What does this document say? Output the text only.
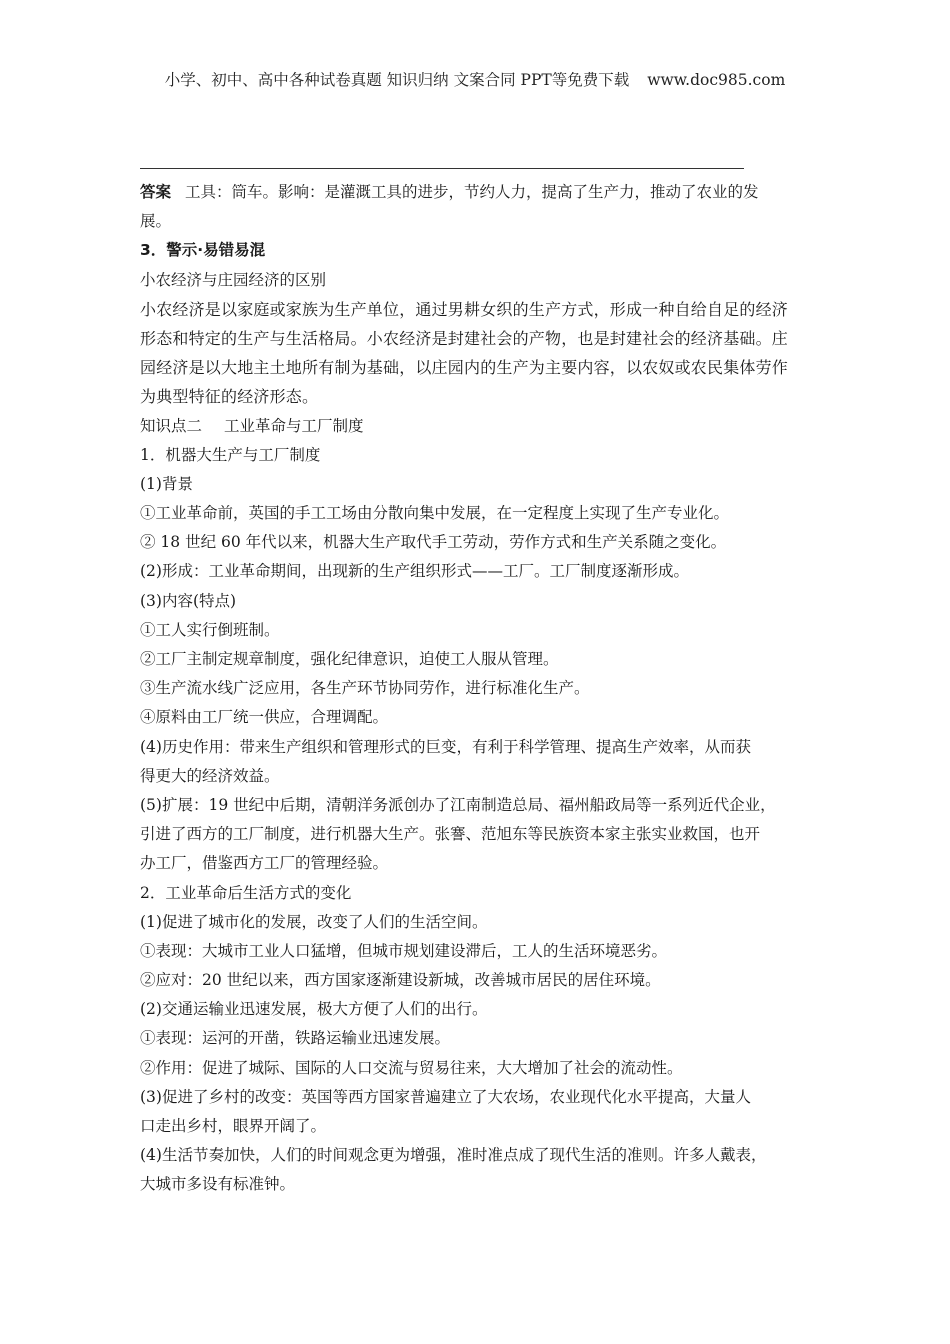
小学、初中、高中各种试卷真题 知识归纳 文案合同 PPT等免费下载 www.doc985.com
答案 工具：筒车。影响：是灌溉工具的进步，节约人力，提高了生产力，推动了农业的发
展。
3．警示·易错易混
小农经济与庄园经济的区别
小农经济是以家庭或家族为生产单位，通过男耕女织的生产方式，形成一种自给自足的经济
形态和特定的生产与生活格局。小农经济是封建社会的产物，也是封建社会的经济基础。庄
园经济是以大地主土地所有制为基础，以庄园内的生产为主要内容，以农奴或农民集体劳作
为典型特征的经济形态。
知识点二 工业革命与工厂制度
1．机器大生产与工厂制度
(1)背景
①工业革命前，英国的手工工场由分散向集中发展，在一定程度上实现了生产专业化。
② 18 世纪 60 年代以来，机器大生产取代手工劳动，劳作方式和生产关系随之变化。
(2)形成：工业革命期间，出现新的生产组织形式——工厂。工厂制度逐渐形成。
(3)内容(特点)
①工人实行倒班制。
②工厂主制定规章制度，强化纪律意识，迫使工人服从管理。
③生产流水线广泛应用，各生产环节协同劳作，进行标准化生产。
④原料由工厂统一供应，合理调配。
(4)历史作用：带来生产组织和管理形式的巨变，有利于科学管理、提高生产效率，从而获
得更大的经济效益。
(5)扩展：19 世纪中后期，清朝洋务派创办了江南制造总局、福州船政局等一系列近代企业，
引进了西方的工厂制度，进行机器大生产。张謇、范旭东等民族资本家主张实业救国，也开
办工厂，借鉴西方工厂的管理经验。
2．工业革命后生活方式的变化
(1)促进了城市化的发展，改变了人们的生活空间。
①表现：大城市工业人口猛增，但城市规划建设滞后，工人的生活环境恶劣。
②应对：20 世纪以来，西方国家逐渐建设新城，改善城市居民的居住环境。
(2)交通运输业迅速发展，极大方便了人们的出行。
①表现：运河的开凿，铁路运输业迅速发展。
②作用：促进了城际、国际的人口交流与贸易往来，大大增加了社会的流动性。
(3)促进了乡村的改变：英国等西方国家普遍建立了大农场，农业现代化水平提高，大量人
口走出乡村，眼界开阔了。
(4)生活节奏加快，人们的时间观念更为增强，准时准点成了现代生活的准则。许多人戴表，
大城市多设有标准钟。
